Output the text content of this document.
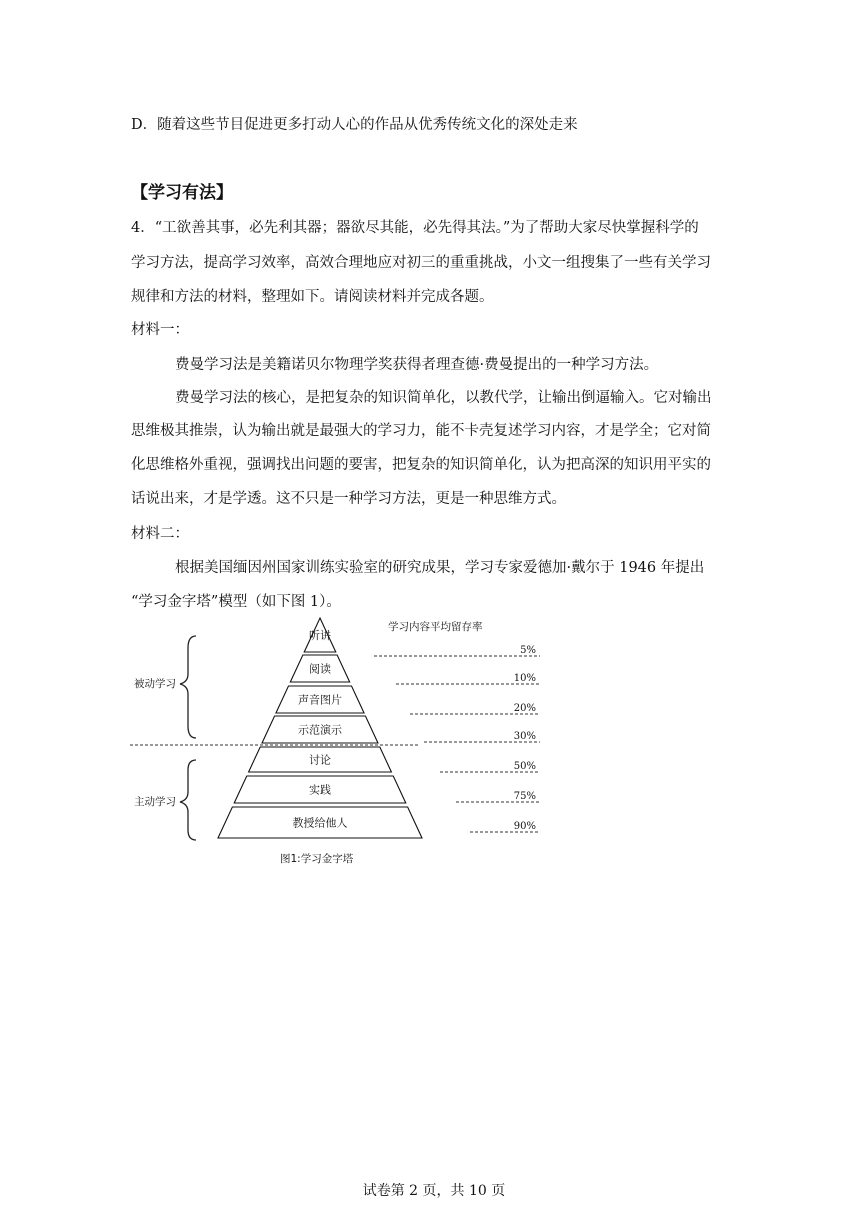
D．随着这些节目促进更多打动人心的作品从优秀传统文化的深处走来
【学习有法】
4．“工欲善其事，必先利其器；器欲尽其能，必先得其法。”为了帮助大家尽快掌握科学的
学习方法，提高学习效率，高效合理地应对初三的重重挑战，小文一组搜集了一些有关学习
规律和方法的材料，整理如下。请阅读材料并完成各题。
材料一：
费曼学习法是美籍诺贝尔物理学奖获得者理查德·费曼提出的一种学习方法。
费曼学习法的核心，是把复杂的知识简单化，以教代学，让输出倒逼输入。它对输出
思维极其推崇，认为输出就是最强大的学习力，能不卡壳复述学习内容，才是学全；它对简
化思维格外重视，强调找出问题的要害，把复杂的知识简单化，认为把高深的知识用平实的
话说出来，才是学透。这不只是一种学习方法，更是一种思维方式。
材料二：
根据美国缅因州国家训练实验室的研究成果，学习专家爱德加·戴尔于 1946 年提出
“学习金字塔”模型（如下图 1）。
学习内容平均留存率
被动学习
主动学习
听讲
5%
阅读
10%
声音图片
20%
示范演示	30%
讨论	50%
实践	75%
教授给他人	90%
图1:学习金字塔
试卷第 2 页，共 10 页
